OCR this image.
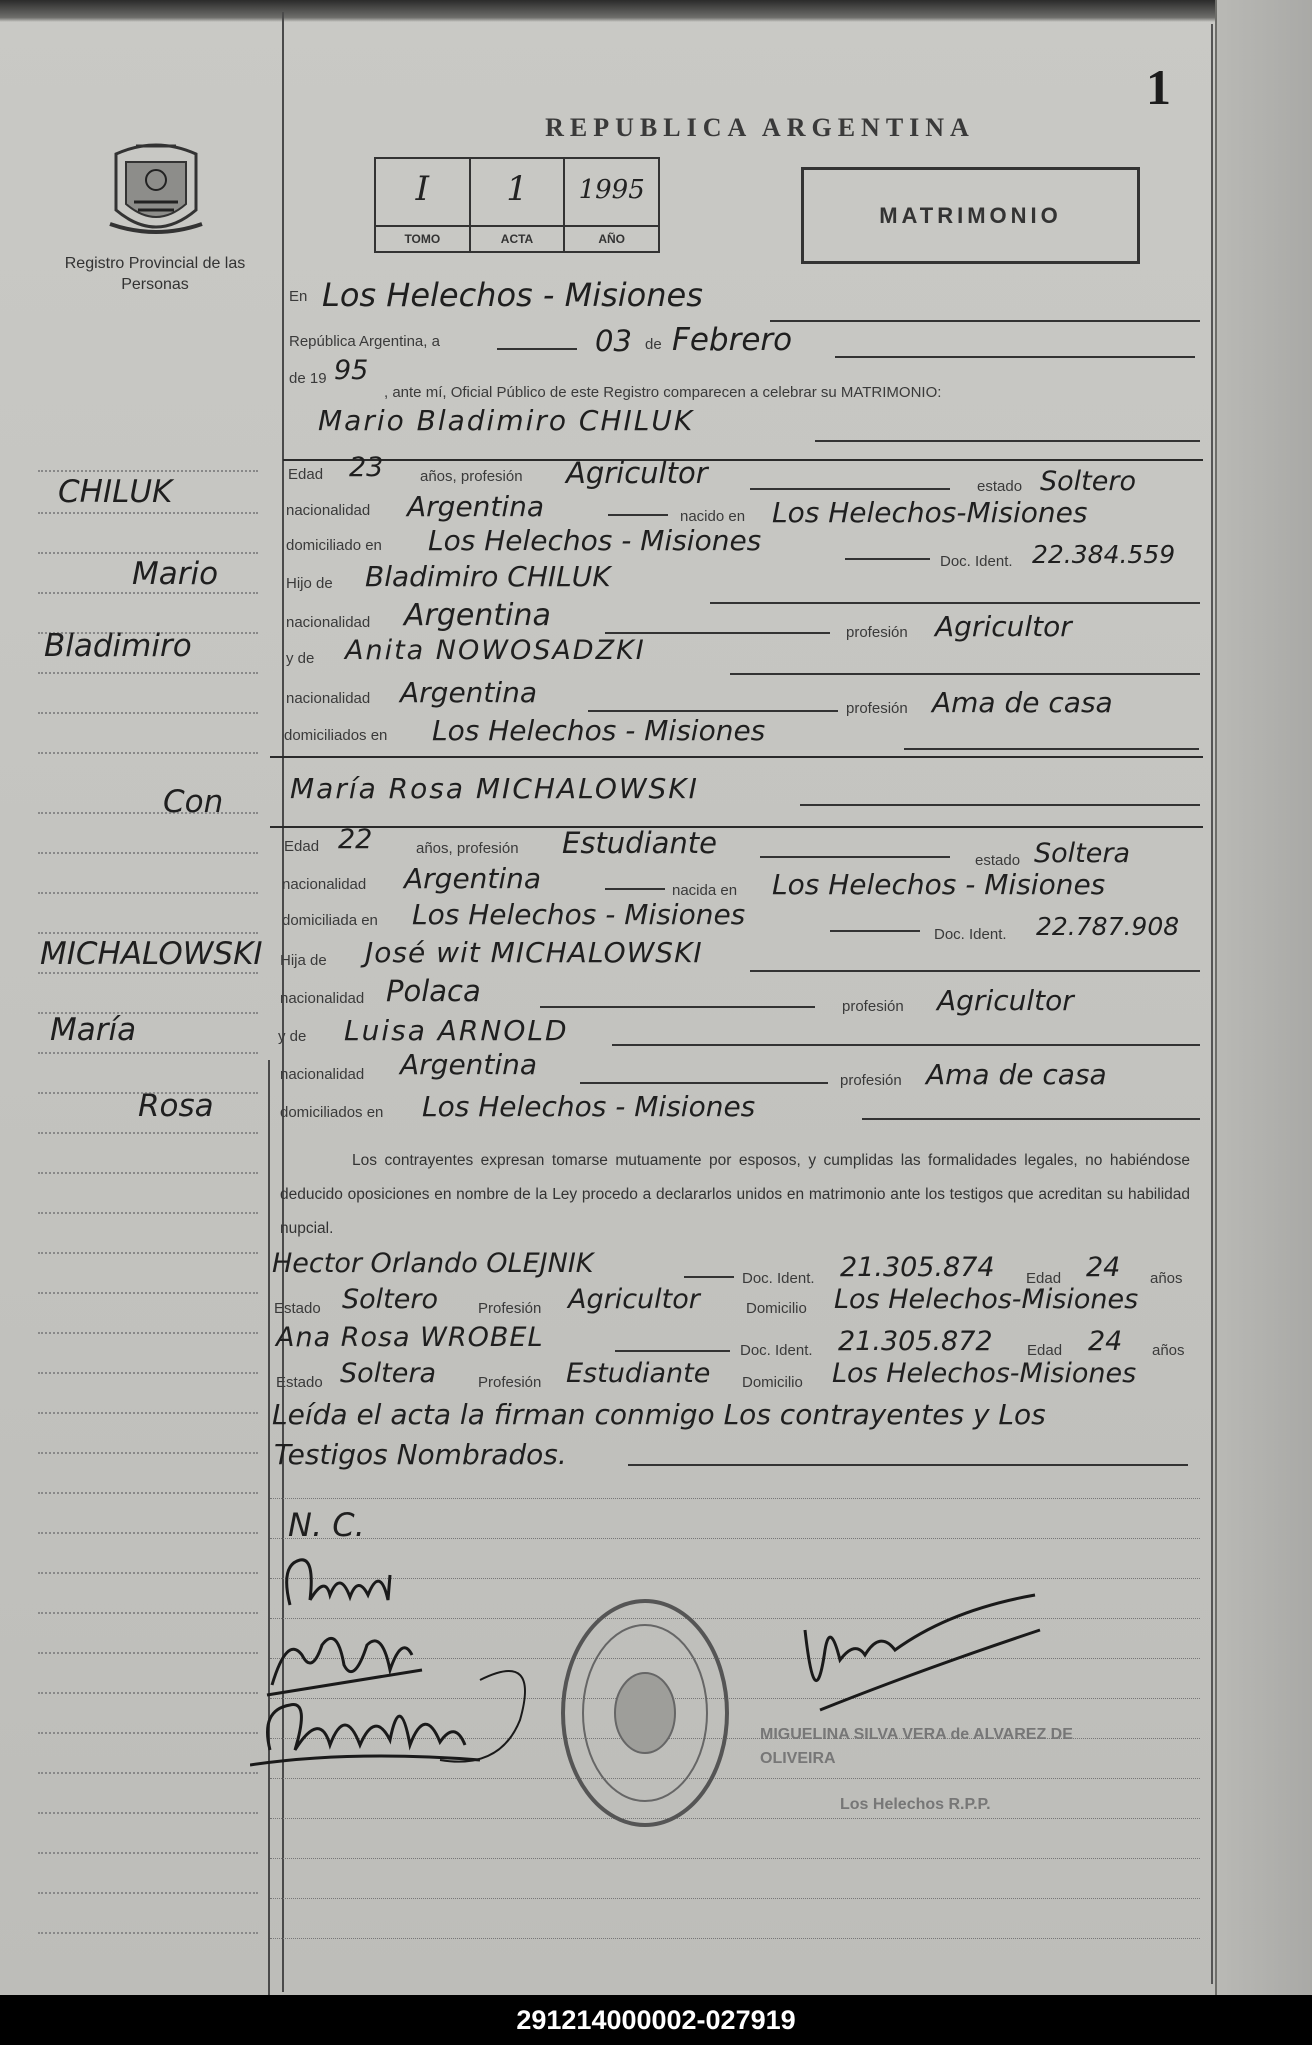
1
REPUBLICA ARGENTINA
Registro Provincial de las Personas
I
TOMO
1
ACTA
1995
AÑO
MATRIMONIO
CHILUK
Mario
Bladimiro
Con
MICHALOWSKI
María
Rosa
En Los Helechos - Misiones
República Argentina, a	03 de Febrero
de 19 95
, ante mí, Oficial Público de este Registro comparecen a celebrar su MATRIMONIO:
Mario Bladimiro CHILUK
Edad 23 años, profesión Agricultor	estado Soltero
nacionalidad Argentina	nacido en Los Helechos-Misiones
domiciliado en Los Helechos - Misiones
Doc. Ident. 22.384.559
Hijo de Bladimiro CHILUK
nacionalidad Argentina	profesión Agricultor
y de Anita NOWOSADZKI
nacionalidad Argentina	profesión Ama de casa
domiciliados en Los Helechos - Misiones
María Rosa MICHALOWSKI
Edad 22	años, profesión Estudiante
estado Soltera
nacionalidad Argentina	nacida en Los Helechos - Misiones
domiciliada en Los Helechos - Misiones
Doc. Ident. 22.787.908
Hija de José wit MICHALOWSKI
nacionalidad Polaca	profesión Agricultor
y de Luisa ARNOLD
nacionalidad Argentina	profesión Ama de casa
domiciliados en Los Helechos - Misiones
Los contrayentes expresan tomarse mutuamente por esposos, y cumplidas las formalidades legales, no habiéndose deducido oposiciones en nombre de la Ley procedo a declararlos unidos en matrimonio ante los testigos que acreditan su habilidad nupcial.
Hector Orlando OLEJNIK	Doc. Ident. 21.305.874 Edad 24 años
Estado Soltero	Profesión Agricultor	Domicilio Los Helechos-Misiones
Ana Rosa WROBEL	Doc. Ident. 21.305.872 Edad 24 años
Estado Soltera	Profesión Estudiante Domicilio Los Helechos-Misiones
Leída el acta la firman conmigo Los contrayentes y Los
Testigos Nombrados.
N. C.
MIGUELINA SILVA VERA de ALVAREZ DE OLIVEIRA
Los Helechos R.P.P.
291214000002-027919
